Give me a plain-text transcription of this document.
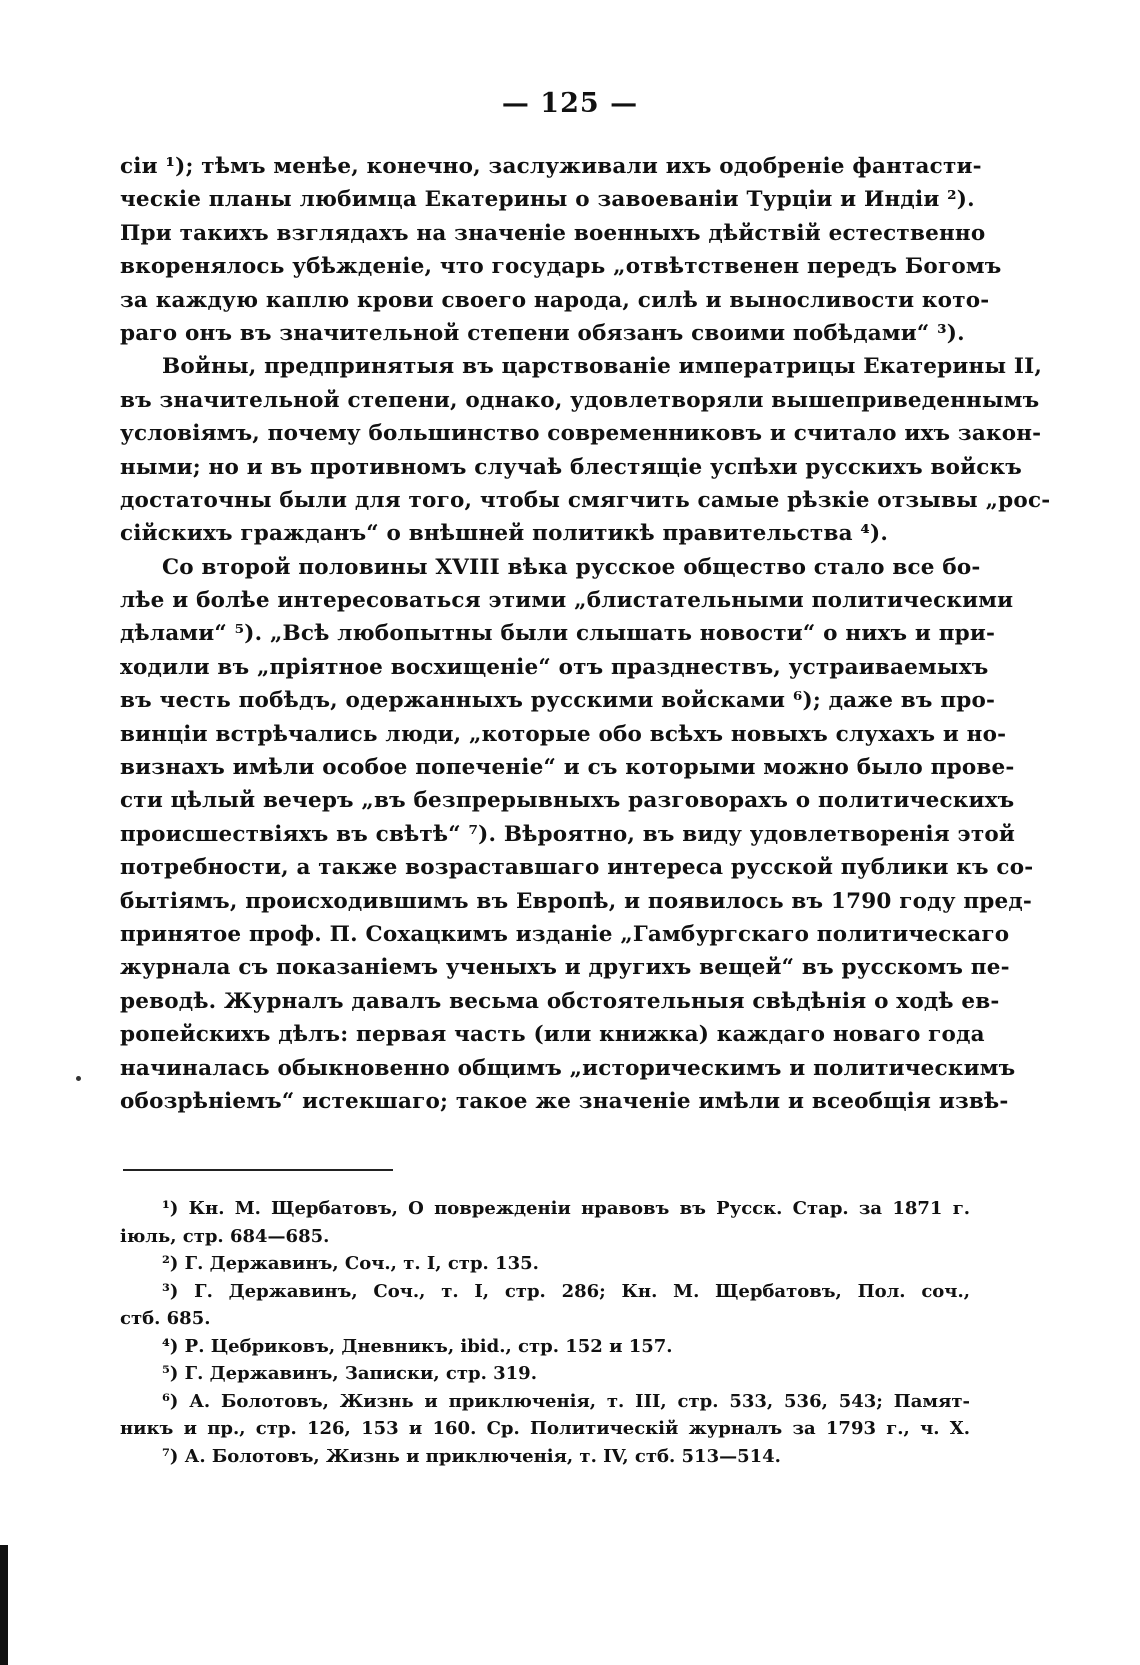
— 125 —
сіи ¹); тѣмъ менѣе, конечно, заслуживали ихъ одобреніе фантасти-
ческіе планы любимца Екатерины о завоеваніи Турціи и Индіи ²).
При такихъ взглядахъ на значеніе военныхъ дѣйствій естественно
вкоренялось убѣжденіе, что государь „отвѣтственен передъ Богомъ
за каждую каплю крови своего народа, силѣ и выносливости кото-
раго онъ въ значительной степени обязанъ своими побѣдами“ ³).
Войны, предпринятыя въ царствованіе императрицы Екатерины II,
въ значительной степени, однако, удовлетворяли вышеприведеннымъ
условіямъ, почему большинство современниковъ и считало ихъ закон-
ными; но и въ противномъ случаѣ блестящіе успѣхи русскихъ войскъ
достаточны были для того, чтобы смягчить самые рѣзкіе отзывы „рос-
сійскихъ гражданъ“ о внѣшней политикѣ правительства ⁴).
Со второй половины XVIII вѣка русское общество стало все бо-
лѣе и болѣе интересоваться этими „блистательными политическими
дѣлами“ ⁵). „Всѣ любопытны были слышать новости“ о нихъ и при-
ходили въ „пріятное восхищеніе“ отъ празднествъ, устраиваемыхъ
въ честь побѣдъ, одержанныхъ русскими войсками ⁶); даже въ про-
винціи встрѣчались люди, „которые обо всѣхъ новыхъ слухахъ и но-
визнахъ имѣли особое попеченіе“ и съ которыми можно было прове-
сти цѣлый вечеръ „въ безпрерывныхъ разговорахъ о политическихъ
происшествіяхъ въ свѣтѣ“ ⁷). Вѣроятно, въ виду удовлетворенія этой
потребности, а также возраставшаго интереса русской публики къ со-
бытіямъ, происходившимъ въ Европѣ, и появилось въ 1790 году пред-
принятое проф. П. Сохацкимъ изданіе „Гамбургскаго политическаго
журнала съ показаніемъ ученыхъ и другихъ вещей“ въ русскомъ пе-
реводѣ. Журналъ давалъ весьма обстоятельныя свѣдѣнія о ходѣ ев-
ропейскихъ дѣлъ: первая часть (или книжка) каждаго новаго года
начиналась обыкновенно общимъ „историческимъ и политическимъ
обозрѣніемъ“ истекшаго; такое же значеніе имѣли и всеобщія извѣ-
¹) Кн. М. Щербатовъ, О поврежденіи нравовъ въ Русск. Стар. за 1871 г.
іюль, стр. 684—685.
²) Г. Державинъ, Соч., т. I, стр. 135.
³) Г. Державинъ, Соч., т. I, стр. 286; Кн. М. Щербатовъ, Пол. соч.,
стб. 685.
⁴) Р. Цебриковъ, Дневникъ, ibid., стр. 152 и 157.
⁵) Г. Державинъ, Записки, стр. 319.
⁶) А. Болотовъ, Жизнь и приключенія, т. III, стр. 533, 536, 543; Памят-
никъ и пр., стр. 126, 153 и 160. Ср. Политическій журналъ за 1793 г., ч. X.
⁷) А. Болотовъ, Жизнь и приключенія, т. IV, стб. 513—514.
